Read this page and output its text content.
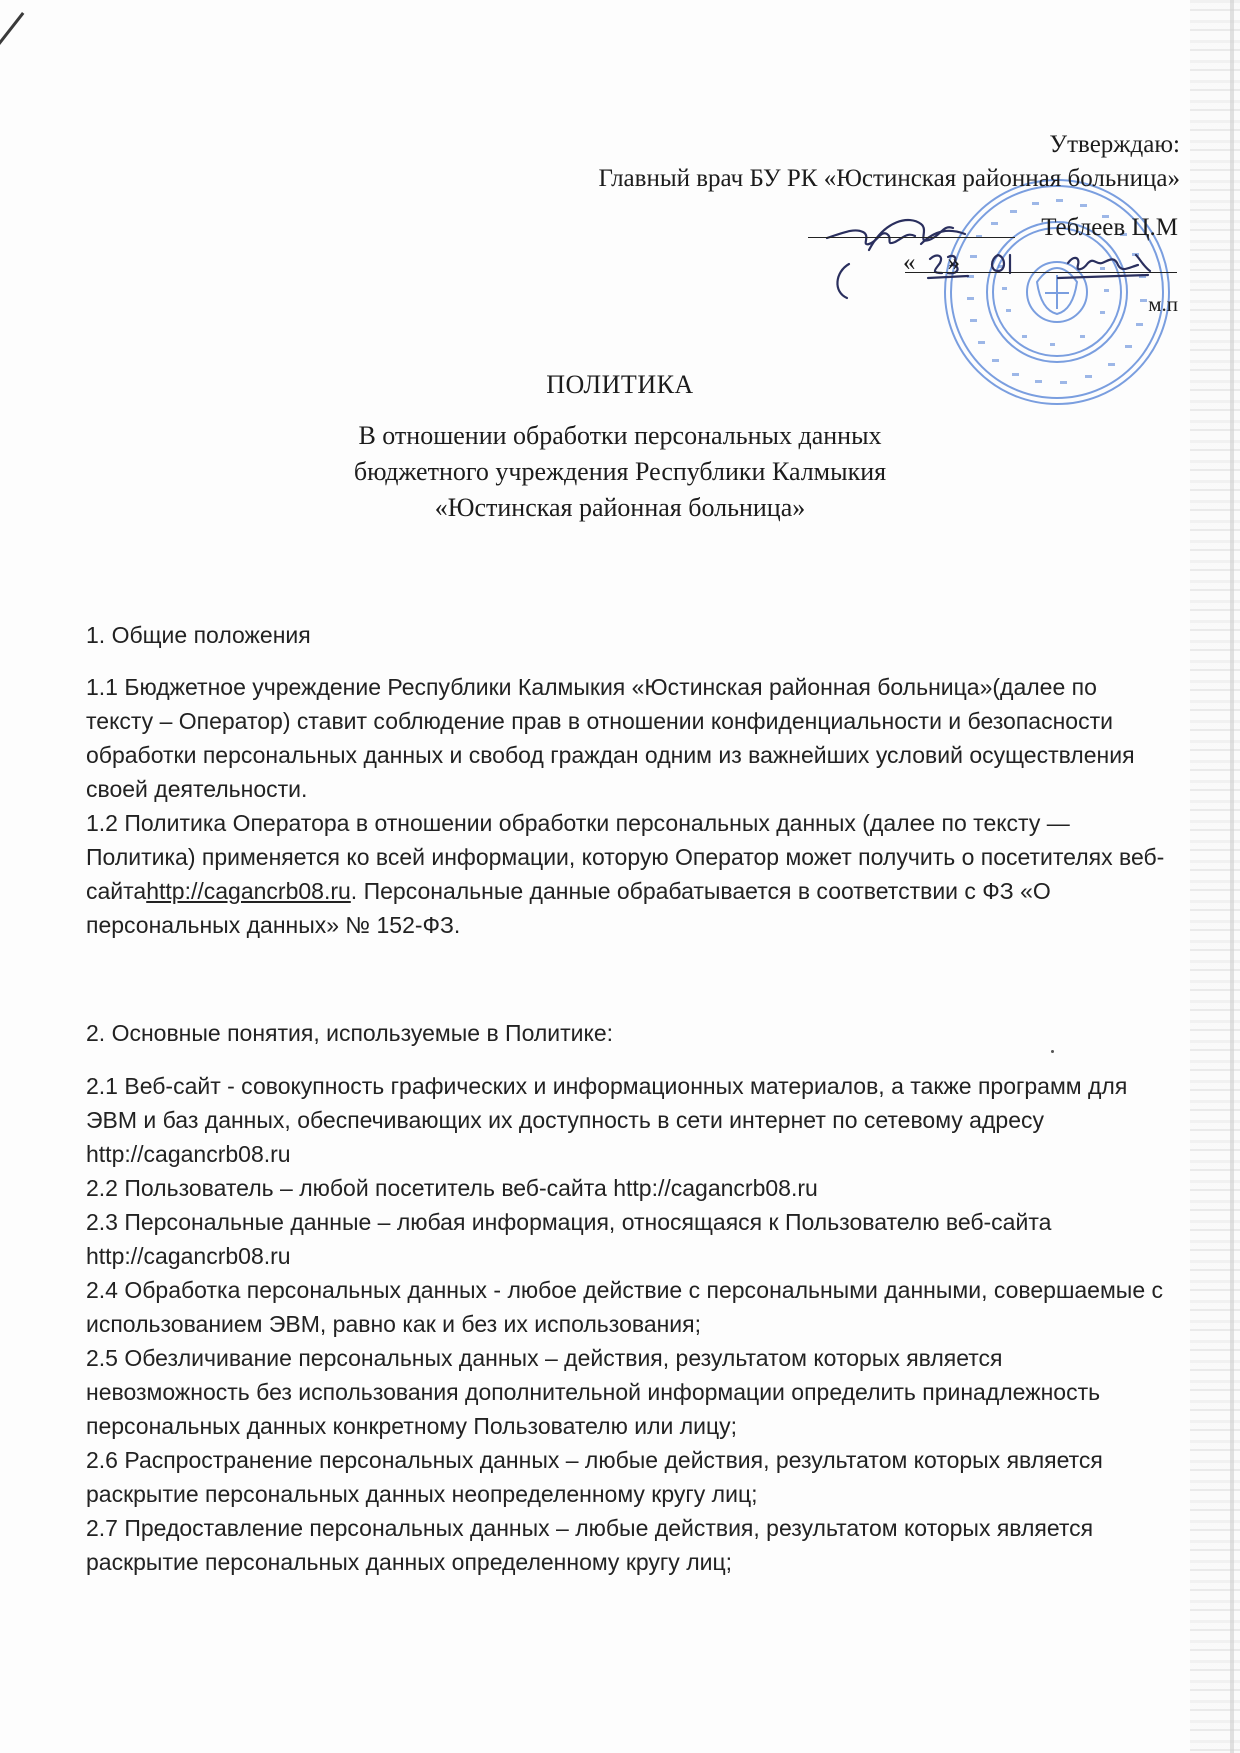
Утверждаю:
Главный врач БУ РК «Юстинская районная больница»
Теблеев Ц.М
« »
м.п
ПОЛИТИКА
В отношении обработки персональных данных
бюджетного учреждения Республики Калмыкия
«Юстинская районная больница»
1. Общие положения

1.1 Бюджетное учреждение Республики Калмыкия «Юстинская районная больница»(далее по тексту – Оператор) ставит соблюдение прав в отношении конфиденциальности и безопасности обработки персональных данных и свобод граждан одним из важнейших условий осуществления своей деятельности.

1.2 Политика Оператора в отношении обработки персональных данных (далее по тексту — Политика) применяется ко всей информации, которую Оператор может получить о посетителях веб-сайтаhttp://cagancrb08.ru. Персональные данные обрабатывается в соответствии с ФЗ «О персональных данных» № 152-ФЗ.

2. Основные понятия, используемые в Политике:

2.1 Веб-сайт - совокупность графических и информационных материалов, а также программ для ЭВМ и баз данных, обеспечивающих их доступность в сети интернет по сетевому адресу http://cagancrb08.ru

2.2 Пользователь – любой посетитель веб-сайта http://cagancrb08.ru

2.3 Персональные данные – любая информация, относящаяся к Пользователю веб-сайта http://cagancrb08.ru

2.4 Обработка персональных данных - любое действие с персональными данными, совершаемые с использованием ЭВМ, равно как и без их использования;

2.5 Обезличивание персональных данных – действия, результатом которых является невозможность без использования дополнительной информации определить принадлежность персональных данных конкретному Пользователю или лицу;

2.6 Распространение персональных данных – любые действия, результатом которых является раскрытие персональных данных неопределенному кругу лиц;

2.7 Предоставление персональных данных – любые действия, результатом которых является раскрытие персональных данных определенному кругу лиц;
